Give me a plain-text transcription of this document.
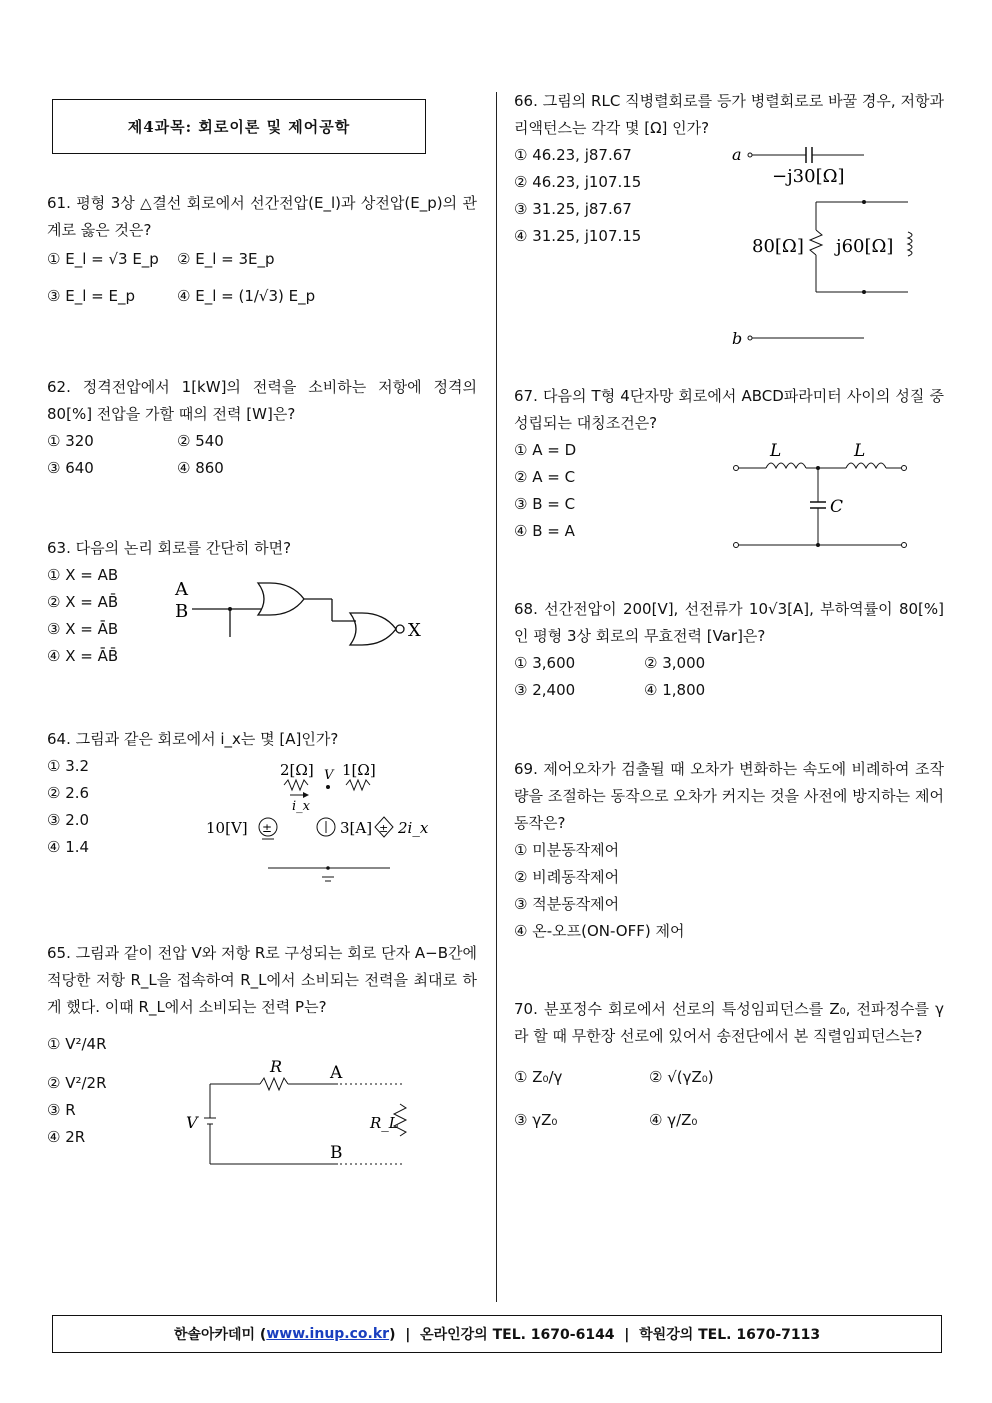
제4과목: 회로이론 및 제어공학
61. 평형 3상 △결선 회로에서 선간전압(E_l)과 상전압(E_p)의 관계로 옳은 것은?
① E_l = √3 E_p	② E_l = 3E_p
③ E_l = E_p	④ E_l = (1/√3) E_p
62. 정격전압에서 1[kW]의 전력을 소비하는 저항에 정격의 80[%] 전압을 가할 때의 전력 [W]은?
① 320	② 540
③ 640	④ 860
63. 다음의 논리 회로를 간단히 하면?
① X = AB
② X = AB̄
③ X = ĀB
④ X = ĀB̄
A
B
X
64. 그림과 같은 회로에서 i_x는 몇 [A]인가?
① 3.2
② 2.6
③ 2.0
④ 1.4
2[Ω] V 1[Ω]
i_x
10[V] ±	3[A] ± 2i_x
65. 그림과 같이 전압 V와 저항 R로 구성되는 회로 단자 A−B간에 적당한 저항 R_L을 접속하여 R_L에서 소비되는 전력을 최대로 하게 했다. 이때 R_L에서 소비되는 전력 P는?
① V²/4R
② V²/2R
③ R
④ 2R
R	A
V
B
R_L
66. 그림의 RLC 직병렬회로를 등가 병렬회로로 바꿀 경우, 저항과 리액턴스는 각각 몇 [Ω] 인가?
① 46.23, j87.67
② 46.23, j107.15
③ 31.25, j87.67
④ 31.25, j107.15
a
−j30[Ω]
80[Ω] j60[Ω]
b
67. 다음의 T형 4단자망 회로에서 ABCD파라미터 사이의 성질 중 성립되는 대칭조건은?
① A = D
② A = C
③ B = C
④ B = A
L	L
C
68. 선간전압이 200[V], 선전류가 10√3[A], 부하역률이 80[%] 인 평형 3상 회로의 무효전력 [Var]은?
① 3,600	② 3,000
③ 2,400	④ 1,800
69. 제어오차가 검출될 때 오차가 변화하는 속도에 비례하여 조작량을 조절하는 동작으로 오차가 커지는 것을 사전에 방지하는 제어 동작은?
① 미분동작제어
② 비례동작제어
③ 적분동작제어
④ 온-오프(ON-OFF) 제어
70. 분포정수 회로에서 선로의 특성임피던스를 Z₀, 전파정수를 γ라 할 때 무한장 선로에 있어서 송전단에서 본 직렬임피던스는?
① Z₀/γ	② √(γZ₀)
③ γZ₀	④ γ/Z₀
한솔아카데미 ( www.inup.co.kr )  |  온라인강의 TEL. 1670-6144  |  학원강의 TEL. 1670-7113
